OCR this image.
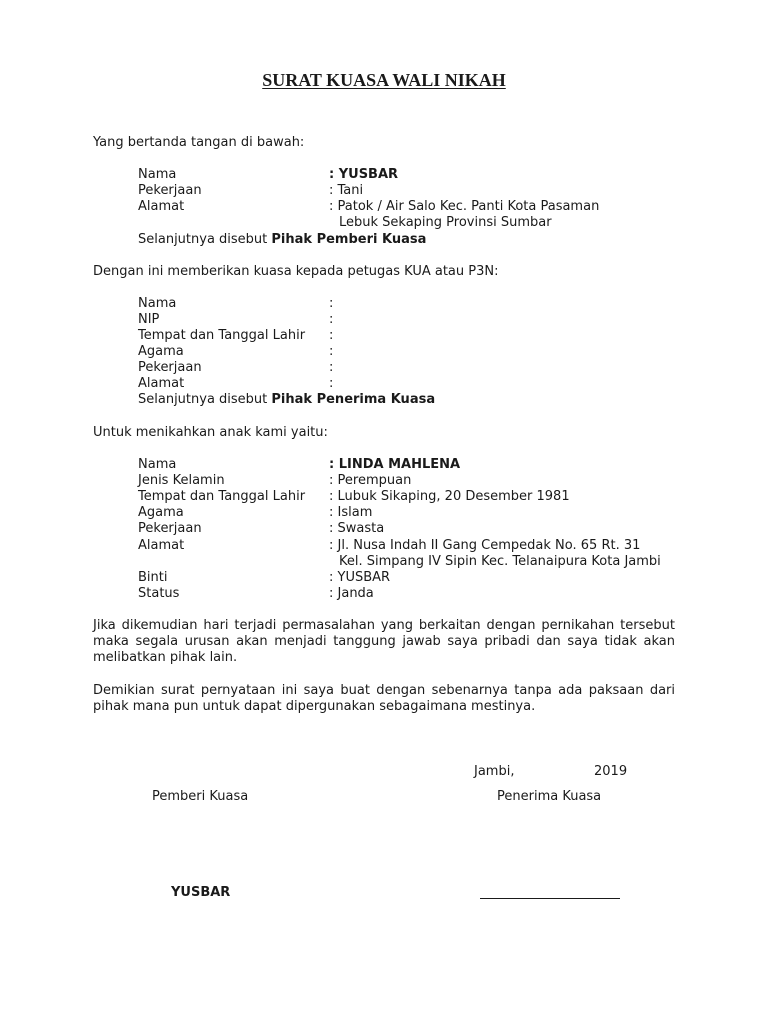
SURAT KUASA WALI NIKAH
Yang bertanda tangan di bawah:
Nama	: YUSBAR
Pekerjaan	: Tani
Alamat	: Patok / Air Salo Kec. Panti Kota Pasaman
Lebuk Sekaping Provinsi Sumbar
Selanjutnya disebut Pihak Pemberi Kuasa
Dengan ini memberikan kuasa kepada petugas KUA atau P3N:
Nama	:
NIP	:
Tempat dan Tanggal Lahir :
Agama	:
Pekerjaan	:
Alamat	:
Selanjutnya disebut Pihak Penerima Kuasa
Untuk menikahkan anak kami yaitu:
Nama	: LINDA MAHLENA
Jenis Kelamin	: Perempuan
Tempat dan Tanggal Lahir : Lubuk Sikaping, 20 Desember 1981
Agama	: Islam
Pekerjaan	: Swasta
Alamat	: Jl. Nusa Indah II Gang Cempedak No. 65 Rt. 31
Kel. Simpang IV Sipin Kec. Telanaipura Kota Jambi
Binti	: YUSBAR
Status	: Janda
Jika dikemudian hari terjadi permasalahan yang berkaitan dengan pernikahan tersebut maka segala urusan akan menjadi tanggung jawab saya pribadi dan saya tidak akan melibatkan pihak lain.
Demikian surat pernyataan ini saya buat dengan sebenarnya tanpa ada paksaan dari pihak mana pun untuk dapat dipergunakan sebagaimana mestinya.
Jambi,	2019
Pemberi Kuasa	Penerima Kuasa
YUSBAR
